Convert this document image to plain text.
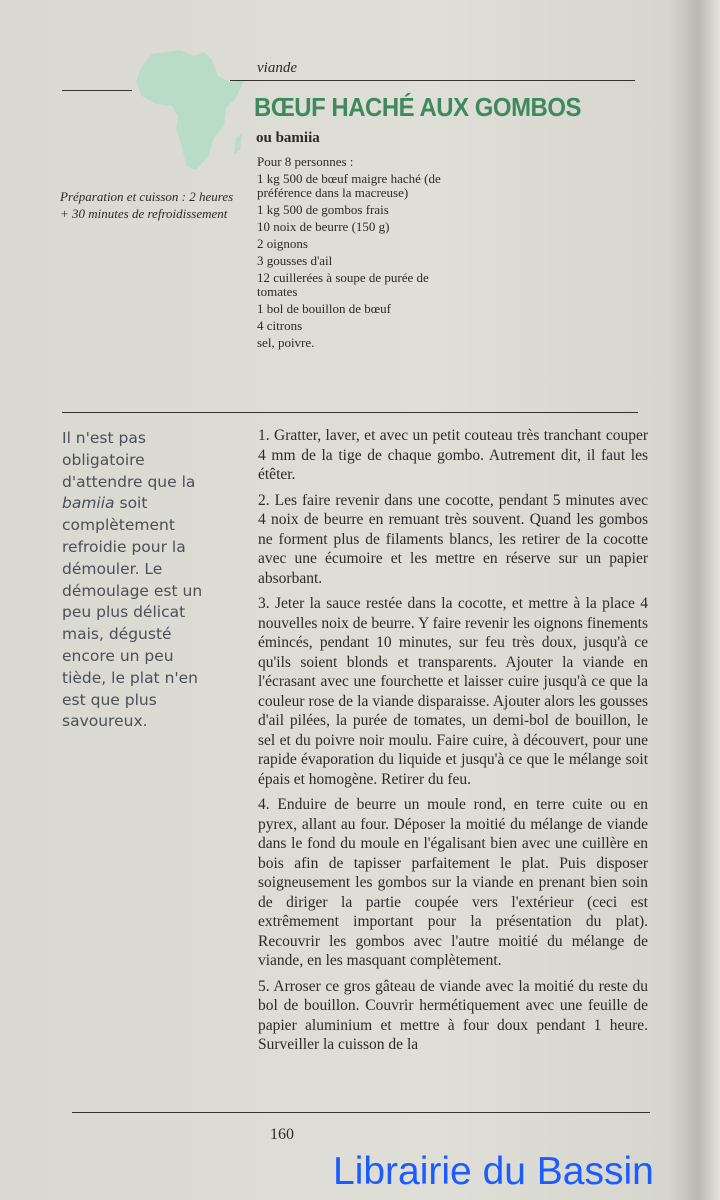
viande
BŒUF HACHÉ AUX GOMBOS
ou bamiia
Préparation et cuisson : 2 heures + 30 minutes de refroidissement
Pour 8 personnes :
1 kg 500 de bœuf maigre haché (de préférence dans la macreuse)
1 kg 500 de gombos frais
10 noix de beurre (150 g)
2 oignons
3 gousses d'ail
12 cuillerées à soupe de purée de tomates
1 bol de bouillon de bœuf
4 citrons
sel, poivre.
Il n'est pas obligatoire d'attendre que la bamiia soit complètement refroidie pour la démouler. Le démoulage est un peu plus délicat mais, dégusté encore un peu tiède, le plat n'en est que plus savoureux.

1. Gratter, laver, et avec un petit couteau très tranchant couper 4 mm de la tige de chaque gombo. Autrement dit, il faut les étêter.

2. Les faire revenir dans une cocotte, pendant 5 minutes avec 4 noix de beurre en remuant très souvent. Quand les gombos ne forment plus de filaments blancs, les retirer de la cocotte avec une écumoire et les mettre en réserve sur un papier absorbant.

3. Jeter la sauce restée dans la cocotte, et mettre à la place 4 nouvelles noix de beurre. Y faire revenir les oignons finements émincés, pendant 10 minutes, sur feu très doux, jusqu'à ce qu'ils soient blonds et transparents. Ajouter la viande en l'écrasant avec une fourchette et laisser cuire jusqu'à ce que la couleur rose de la viande disparaisse. Ajouter alors les gousses d'ail pilées, la purée de tomates, un demi-bol de bouillon, le sel et du poivre noir moulu. Faire cuire, à découvert, pour une rapide évaporation du liquide et jusqu'à ce que le mélange soit épais et homogène. Retirer du feu.

4. Enduire de beurre un moule rond, en terre cuite ou en pyrex, allant au four. Déposer la moitié du mélange de viande dans le fond du moule en l'égalisant bien avec une cuillère en bois afin de tapisser parfaitement le plat. Puis disposer soigneusement les gombos sur la viande en prenant bien soin de diriger la partie coupée vers l'extérieur (ceci est extrêmement important pour la présentation du plat). Recouvrir les gombos avec l'autre moitié du mélange de viande, en les masquant complètement.

5. Arroser ce gros gâteau de viande avec la moitié du reste du bol de bouillon. Couvrir hermétiquement avec une feuille de papier aluminium et mettre à four doux pendant 1 heure. Surveiller la cuisson de la

160
Librairie du Bassin
